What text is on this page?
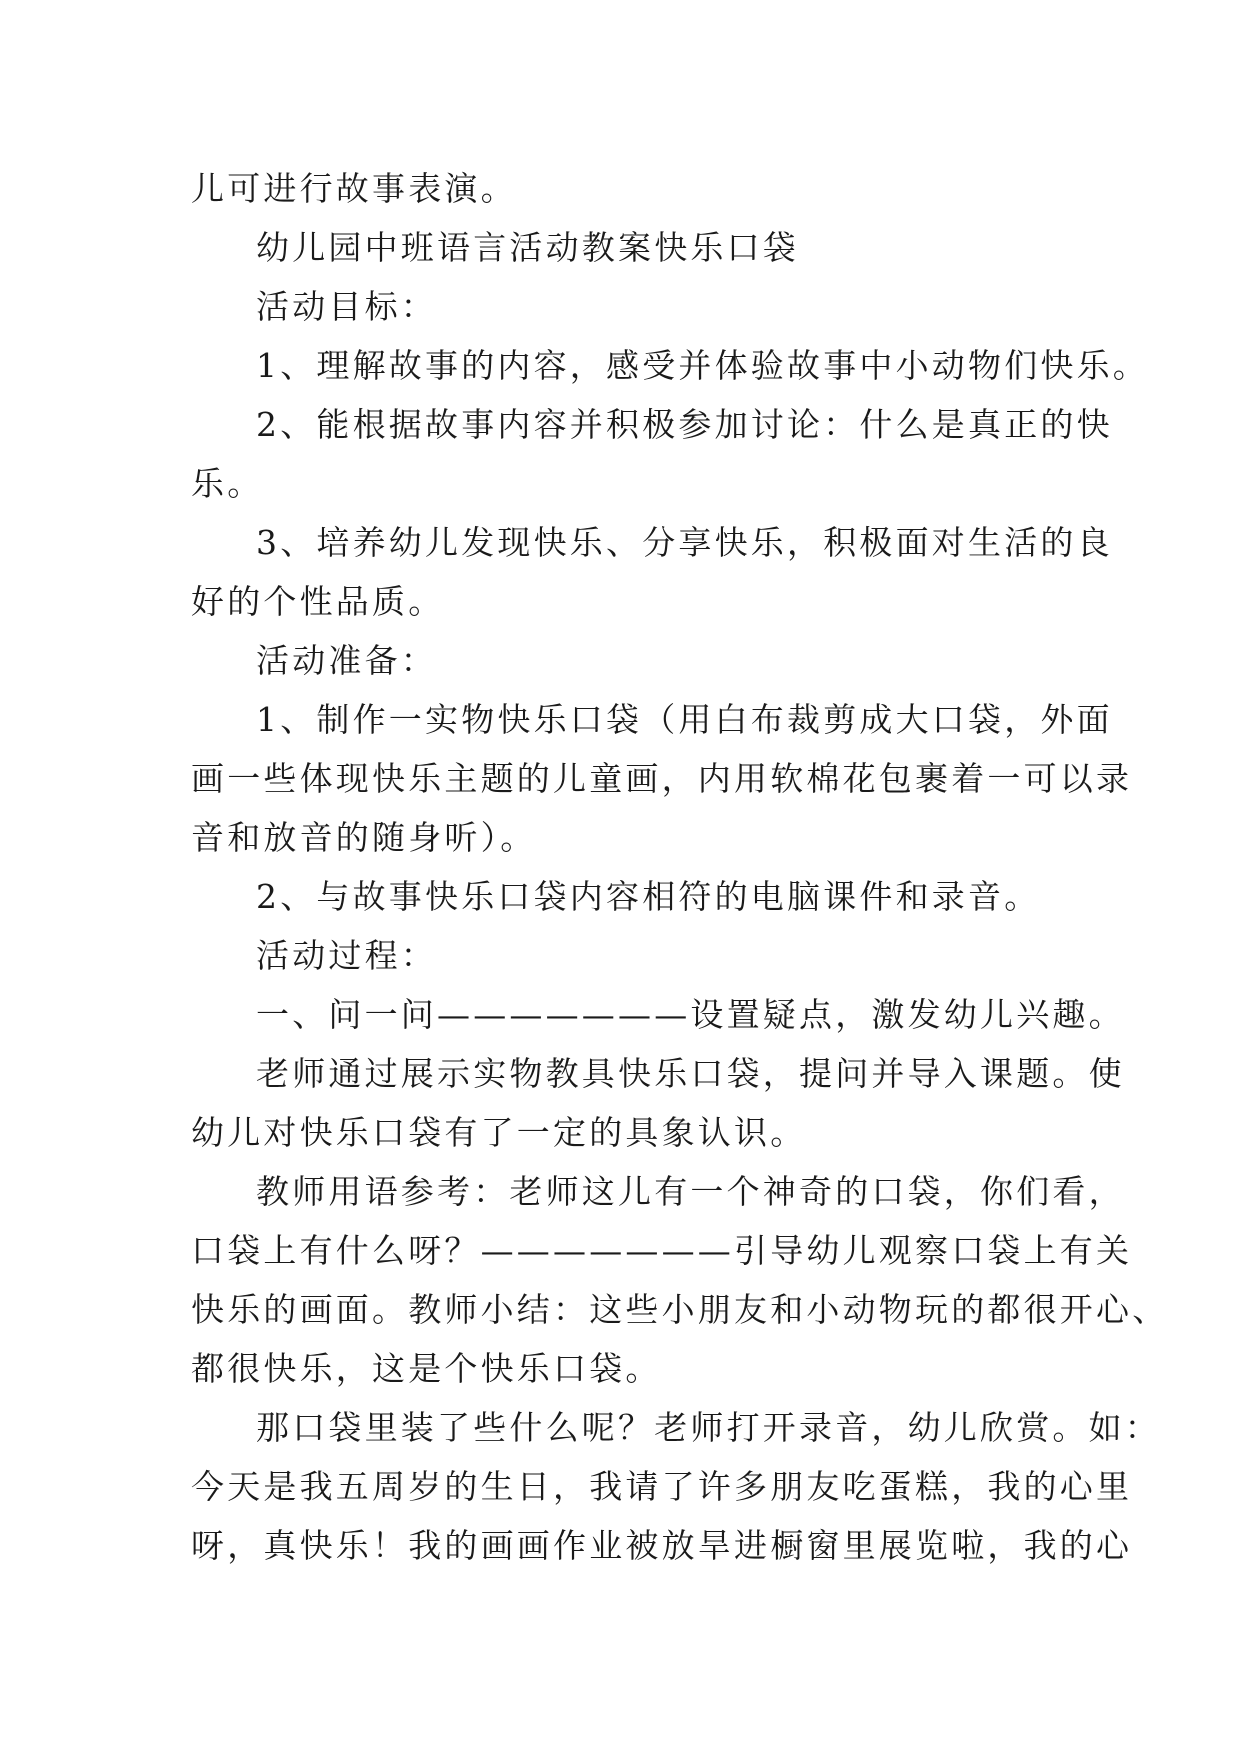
儿可进行故事表演。
幼儿园中班语言活动教案快乐口袋
活动目标：
1、理解故事的内容，感受并体验故事中小动物们快乐。
2、能根据故事内容并积极参加讨论：什么是真正的快
乐。
3、培养幼儿发现快乐、分享快乐，积极面对生活的良
好的个性品质。
活动准备：
1、制作一实物快乐口袋（用白布裁剪成大口袋，外面
画一些体现快乐主题的儿童画，内用软棉花包裹着一可以录
音和放音的随身听）。
2、与故事快乐口袋内容相符的电脑课件和录音。
活动过程：
一、问一问———————设置疑点，激发幼儿兴趣。
老师通过展示实物教具快乐口袋，提问并导入课题。使
幼儿对快乐口袋有了一定的具象认识。
教师用语参考：老师这儿有一个神奇的口袋，你们看，
口袋上有什么呀？———————引导幼儿观察口袋上有关
快乐的画面。教师小结：这些小朋友和小动物玩的都很开心、
都很快乐，这是个快乐口袋。
那口袋里装了些什么呢？老师打开录音，幼儿欣赏。如：
今天是我五周岁的生日，我请了许多朋友吃蛋糕，我的心里
呀，真快乐！我的画画作业被放旱进橱窗里展览啦，我的心
